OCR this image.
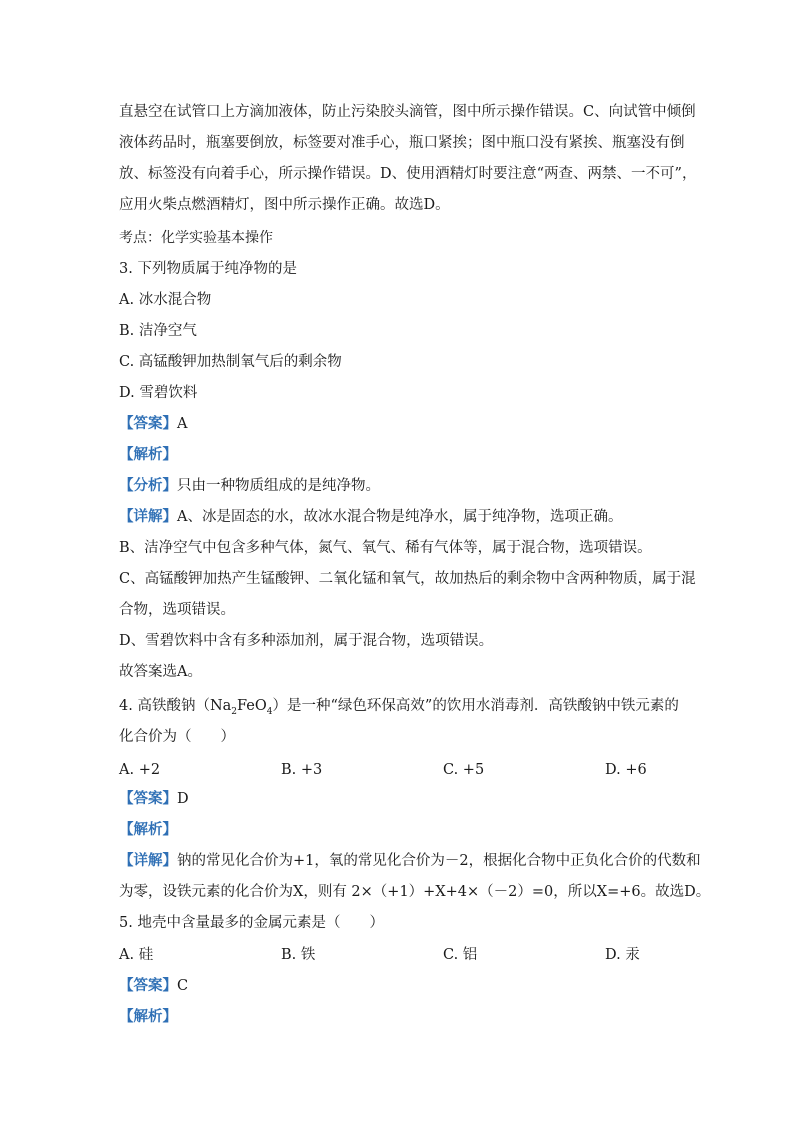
直悬空在试管口上方滴加液体，防止污染胶头滴管，图中所示操作错误。C、向试管中倾倒
液体药品时，瓶塞要倒放，标签要对准手心，瓶口紧挨；图中瓶口没有紧挨、瓶塞没有倒
放、标签没有向着手心，所示操作错误。D、使用酒精灯时要注意“两查、两禁、一不可”，
应用火柴点燃酒精灯，图中所示操作正确。故选D。
考点：化学实验基本操作
3. 下列物质属于纯净物的是
A. 冰水混合物
B. 洁净空气
C. 高锰酸钾加热制氧气后的剩余物
D. 雪碧饮料
【答案】A
【解析】
【分析】只由一种物质组成的是纯净物。
【详解】A、冰是固态的水，故冰水混合物是纯净水，属于纯净物，选项正确。
B、洁净空气中包含多种气体，氮气、氧气、稀有气体等，属于混合物，选项错误。
C、高锰酸钾加热产生锰酸钾、二氧化锰和氧气，故加热后的剩余物中含两种物质，属于混
合物，选项错误。
D、雪碧饮料中含有多种添加剂，属于混合物，选项错误。
故答案选A。
4. 高铁酸钠$(Na_2FeO_4)$是一种“绿色环保高效”的饮用水消毒剂．高铁酸钠中铁元素的
化合价为（　　）
A. +2	B. +3	C. +5	D. +6
【答案】D
【解析】
【详解】钠的常见化合价为+1，氧的常见化合价为－2，根据化合物中正负化合价的代数和
为零，设铁元素的化合价为X，则有 2×（+1）+X+4×（－2）=0，所以X=+6。故选D。
5. 地壳中含量最多的金属元素是（　　）
A. 硅	B. 铁	C. 铝	D. 汞
【答案】C
【解析】
